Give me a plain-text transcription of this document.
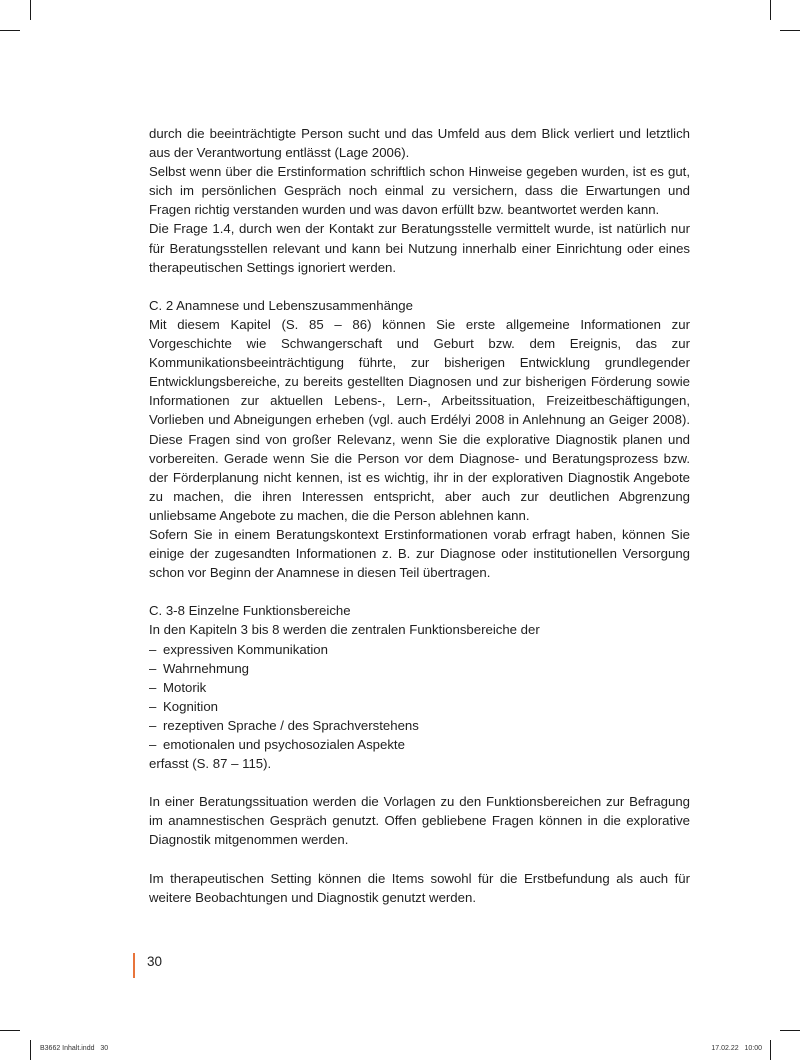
durch die beeinträchtigte Person sucht und das Umfeld aus dem Blick verliert und letztlich aus der Verantwortung entlässt (Lage 2006).

Selbst wenn über die Erstinformation schriftlich schon Hinweise gegeben wurden, ist es gut, sich im persönlichen Gespräch noch einmal zu versichern, dass die Erwartungen und Fragen richtig verstanden wurden und was davon erfüllt bzw. beantwortet werden kann.

Die Frage 1.4, durch wen der Kontakt zur Beratungsstelle vermittelt wurde, ist natürlich nur für Beratungsstellen relevant und kann bei Nutzung innerhalb einer Einrichtung oder eines therapeutischen Settings ignoriert werden.

C. 2 Anamnese und Lebenszusammenhänge

Mit diesem Kapitel (S. 85 – 86) können Sie erste allgemeine Informationen zur Vorgeschichte wie Schwangerschaft und Geburt bzw. dem Ereignis, das zur Kommunikationsbeeinträchtigung führte, zur bisherigen Entwicklung grundlegender Entwicklungsbereiche, zu bereits gestellten Diagnosen und zur bisherigen Förderung sowie Informationen zur aktuellen Lebens-, Lern-, Arbeitssituation, Freizeitbeschäftigungen, Vorlieben und Abneigungen erheben (vgl. auch Erdélyi 2008 in Anlehnung an Geiger 2008). Diese Fragen sind von großer Relevanz, wenn Sie die explorative Diagnostik planen und vorbereiten. Gerade wenn Sie die Person vor dem Diagnose- und Beratungsprozess bzw. der Förderplanung nicht kennen, ist es wichtig, ihr in der explorativen Diagnostik Angebote zu machen, die ihren Interessen entspricht, aber auch zur deutlichen Abgrenzung unliebsame Angebote zu machen, die die Person ablehnen kann.

Sofern Sie in einem Beratungskontext Erstinformationen vorab erfragt haben, können Sie einige der zugesandten Informationen z. B. zur Diagnose oder institutionellen Versorgung schon vor Beginn der Anamnese in diesen Teil übertragen.

C. 3-8 Einzelne Funktionsbereiche

In den Kapiteln 3 bis 8 werden die zentralen Funktionsbereiche der

– expressiven Kommunikation
– Wahrnehmung
– Motorik
– Kognition
– rezeptiven Sprache / des Sprachverstehens
– emotionalen und psychosozialen Aspekte

erfasst (S. 87 – 115).

In einer Beratungssituation werden die Vorlagen zu den Funktionsbereichen zur Befragung im anamnestischen Gespräch genutzt. Offen gebliebene Fragen können in die explorative Diagnostik mitgenommen werden.

Im therapeutischen Setting können die Items sowohl für die Erstbefundung als auch für weitere Beobachtungen und Diagnostik genutzt werden.

30
B3662 Inhalt.indd   30	17.02.22   10:00
